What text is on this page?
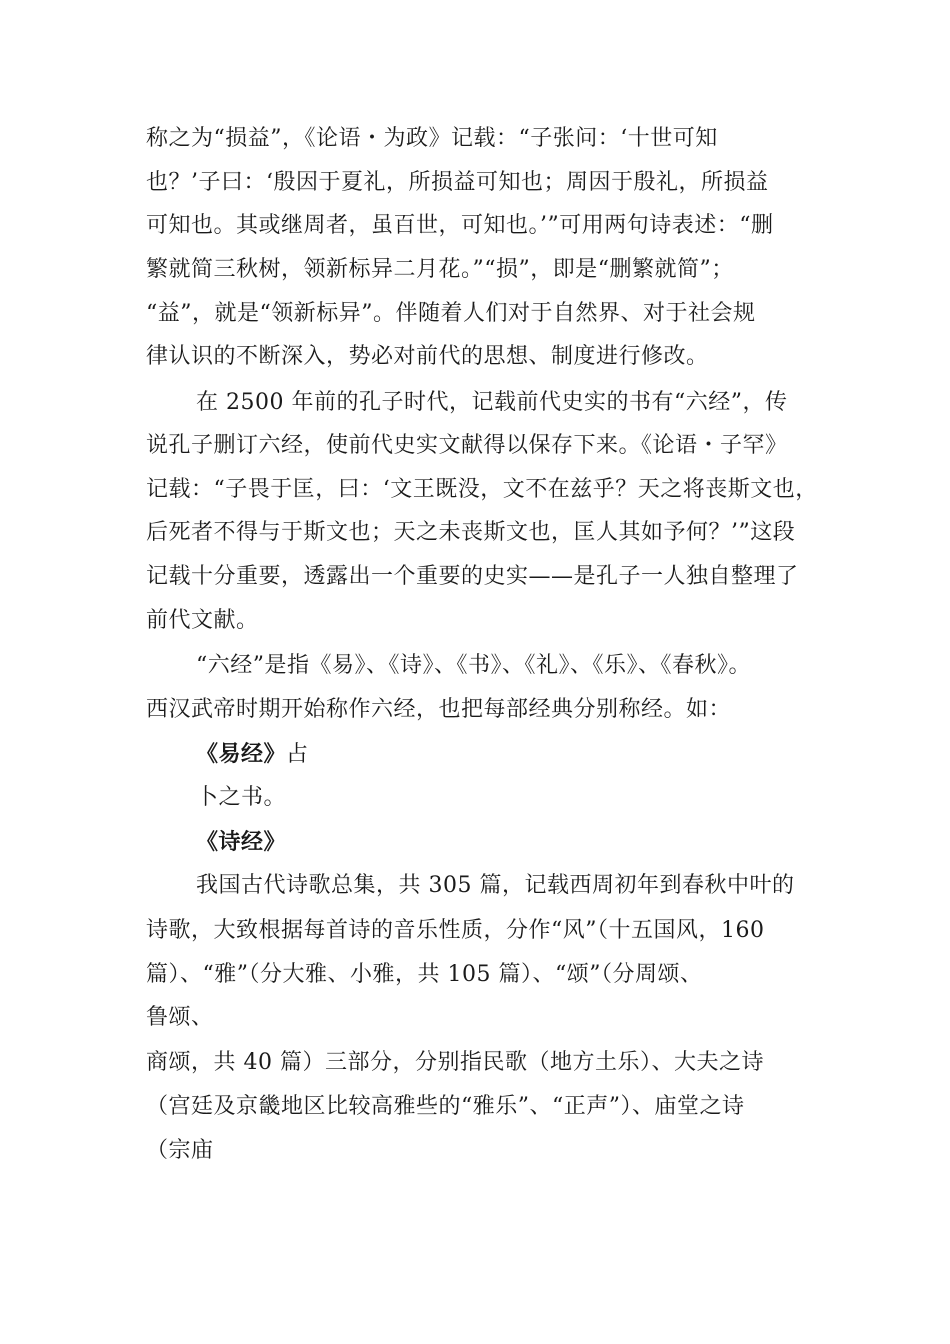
称之为“损益”，《论语・为政》记载：“子张问：‘十世可知
也？’子曰：‘殷因于夏礼，所损益可知也；周因于殷礼，所损益
可知也。其或继周者，虽百世，可知也。’”可用两句诗表述：“删
繁就简三秋树，领新标异二月花。”“损”，即是“删繁就简”；
“益”，就是“领新标异”。伴随着人们对于自然界、对于社会规
律认识的不断深入，势必对前代的思想、制度进行修改。
在 2500 年前的孔子时代，记载前代史实的书有“六经”，传
说孔子删订六经，使前代史实文献得以保存下来。《论语・子罕》
记载：“子畏于匡，曰：‘文王既没，文不在兹乎？天之将丧斯文也，
后死者不得与于斯文也；天之未丧斯文也，匡人其如予何？’”这段
记载十分重要，透露出一个重要的史实——是孔子一人独自整理了
前代文献。
“六经”是指《易》、《诗》、《书》、《礼》、《乐》、《春秋》。
西汉武帝时期开始称作六经，也把每部经典分别称经。如：
《易经》占
卜之书。
《诗经》
我国古代诗歌总集，共 305 篇，记载西周初年到春秋中叶的
诗歌，大致根据每首诗的音乐性质，分作“风”（十五国风，160
篇）、“雅”（分大雅、小雅，共 105 篇）、“颂”（分周颂、
鲁颂、
商颂，共 40 篇）三部分，分别指民歌（地方土乐）、大夫之诗
（宫廷及京畿地区比较高雅些的“雅乐”、“正声”）、庙堂之诗
（宗庙
